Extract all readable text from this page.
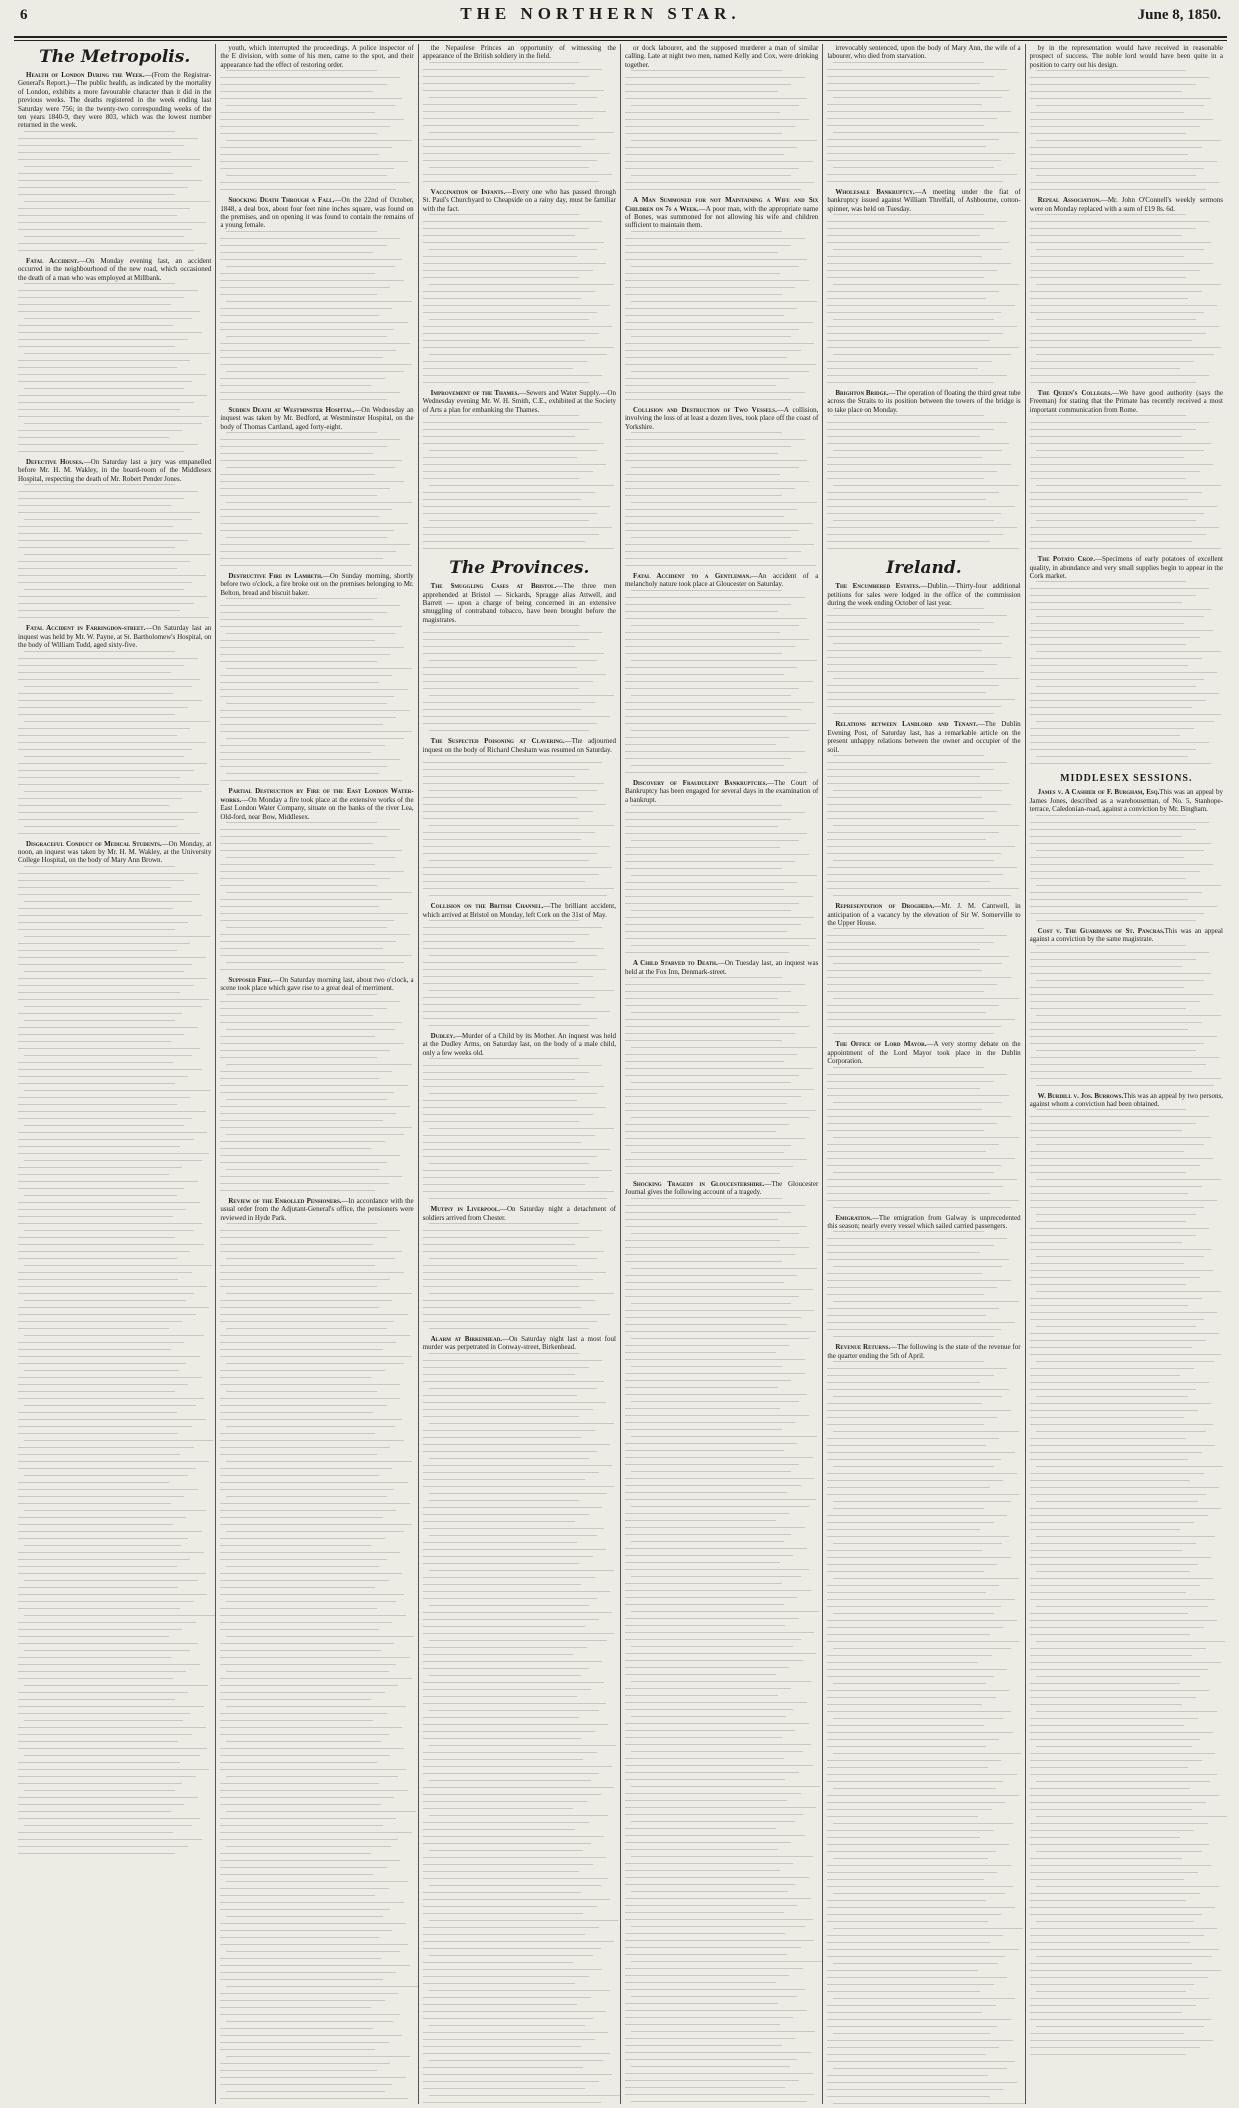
6	THE NORTHERN STAR.	June 8, 1850.
The Metropolis.

Health of London During the Week.—(From the Registrar-General's Report.)—The public health, as indicated by the mortality of London, exhibits a more favourable character than it did in the previous weeks. The deaths registered in the week ending last Saturday were 756; in the twenty-two corresponding weeks of the ten years 1840-9, they were 803, which was the lowest number returned in the week.

Fatal Accident.—On Monday evening last, an accident occurred in the neighbourhood of the new road, which occasioned the death of a man who was employed at Millbank.

Defective Houses.—On Saturday last a jury was empanelled before Mr. H. M. Wakley, in the board-room of the Middlesex Hospital, respecting the death of Mr. Robert Pender Jones.

Fatal Accident in Farringdon-street.—On Saturday last an inquest was held by Mr. W. Payne, at St. Bartholomew's Hospital, on the body of William Todd, aged sixty-five.

Disgraceful Conduct of Medical Students.—On Monday, at noon, an inquest was taken by Mr. H. M. Wakley, at the University College Hospital, on the body of Mary Ann Brown.

youth, which interrupted the proceedings. A police inspector of the E division, with some of his men, came to the spot, and their appearance had the effect of restoring order.

Shocking Death Through a Fall.—On the 22nd of October, 1848, a deal box, about four feet nine inches square, was found on the premises, and on opening it was found to contain the remains of a young female.

Sudden Death at Westminster Hospital.—On Wednesday an inquest was taken by Mr. Bedford, at Westminster Hospital, on the body of Thomas Cartland, aged forty-eight.

Destructive Fire in Lambeth.—On Sunday morning, shortly before two o'clock, a fire broke out on the premises belonging to Mr. Belton, bread and biscuit baker.

Partial Destruction by Fire of the East London Water-works.—On Monday a fire took place at the extensive works of the East London Water Company, situate on the banks of the river Lea, Old-ford, near Bow, Middlesex.

Supposed Fire.—On Saturday morning last, about two o'clock, a scene took place which gave rise to a great deal of merriment.

Review of the Enrolled Pensioners.—In accordance with the usual order from the Adjutant-General's office, the pensioners were reviewed in Hyde Park.

the Nepaulese Princes an opportunity of witnessing the appearance of the British soldiery in the field.

Vaccination of Infants.—Every one who has passed through St. Paul's Churchyard to Cheapside on a rainy day, must be familiar with the fact.

Improvement of the Thames.—Sewers and Water Supply.—On Wednesday evening Mr. W. H. Smith, C.E., exhibited at the Society of Arts a plan for embanking the Thames.

The Provinces.

The Smuggling Cases at Bristol.—The three men apprehended at Bristol — Sickards, Spragge alias Attwell, and Barrett — upon a charge of being concerned in an extensive smuggling of contraband tobacco, have been brought before the magistrates.

The Suspected Poisoning at Clavering.—The adjourned inquest on the body of Richard Chesham was resumed on Saturday.

Collision on the British Channel.—The brilliant accident, which arrived at Bristol on Monday, left Cork on the 31st of May.

Dudley.—Murder of a Child by its Mother. An inquest was held at the Dudley Arms, on Saturday last, on the body of a male child, only a few weeks old.

Mutiny in Liverpool.—On Saturday night a detachment of soldiers arrived from Chester.

Alarm at Birkenhead.—On Saturday night last a most foul murder was perpetrated in Conway-street, Birkenhead.

or dock labourer, and the supposed murderer a man of similar calling. Late at night two men, named Kelly and Cox, were drinking together.

A Man Summoned for not Maintaining a Wife and Six Children on 7s a Week.—A poor man, with the appropriate name of Bones, was summoned for not allowing his wife and children sufficient to maintain them.

Collision and Destruction of Two Vessels.—A collision, involving the loss of at least a dozen lives, took place off the coast of Yorkshire.

Fatal Accident to a Gentleman.—An accident of a melancholy nature took place at Gloucester on Saturday.

Discovery of Fraudulent Bankruptcies.—The Court of Bankruptcy has been engaged for several days in the examination of a bankrupt.

A Child Starved to Death.—On Tuesday last, an inquest was held at the Fox Inn, Denmark-street.

Shocking Tragedy in Gloucestershire.—The Gloucester Journal gives the following account of a tragedy.

irrevocably sentenced, upon the body of Mary Ann, the wife of a labourer, who died from starvation.

Wholesale Bankruptcy.—A meeting under the fiat of bankruptcy issued against William Threlfall, of Ashbourne, cotton-spinner, was held on Tuesday.

Brighton Bridge.—The operation of floating the third great tube across the Straits to its position between the towers of the bridge is to take place on Monday.

Ireland.

The Encumbered Estates.—Dublin.—Thirty-four additional petitions for sales were lodged in the office of the commission during the week ending October of last year.

Relations between Landlord and Tenant.—The Dublin Evening Post, of Saturday last, has a remarkable article on the present unhappy relations between the owner and occupier of the soil.

Representation of Drogheda.—Mr. J. M. Cantwell, in anticipation of a vacancy by the elevation of Sir W. Somerville to the Upper House.

The Office of Lord Mayor.—A very stormy debate on the appointment of the Lord Mayor took place in the Dublin Corporation.

Emigration.—The emigration from Galway is unprecedented this season; nearly every vessel which sailed carried passengers.

Revenue Returns.—The following is the state of the revenue for the quarter ending the 5th of April.

by in the representation would have received in reasonable prospect of success. The noble lord would have been quite in a position to carry out his design.

Repeal Association.—Mr. John O'Connell's weekly sermons were on Monday replaced with a sum of £19 8s. 6d.

The Queen's Colleges.—We have good authority (says the Freeman) for stating that the Primate has recently received a most important communication from Rome.

The Potato Crop.—Specimens of early potatoes of excellent quality, in abundance and very small supplies begin to appear in the Cork market.

MIDDLESEX SESSIONS.

James v. A Cashier of F. Burgham, Esq.This was an appeal by James Jones, described as a warehouseman, of No. 5, Stanhope-terrace, Caledonian-road, against a conviction by Mr. Bingham.

Cost v. The Guardians of St. Pancras.This was an appeal against a conviction by the same magistrate.

W. Burdill v. Jos. Burrows.This was an appeal by two persons, against whom a conviction had been obtained.
